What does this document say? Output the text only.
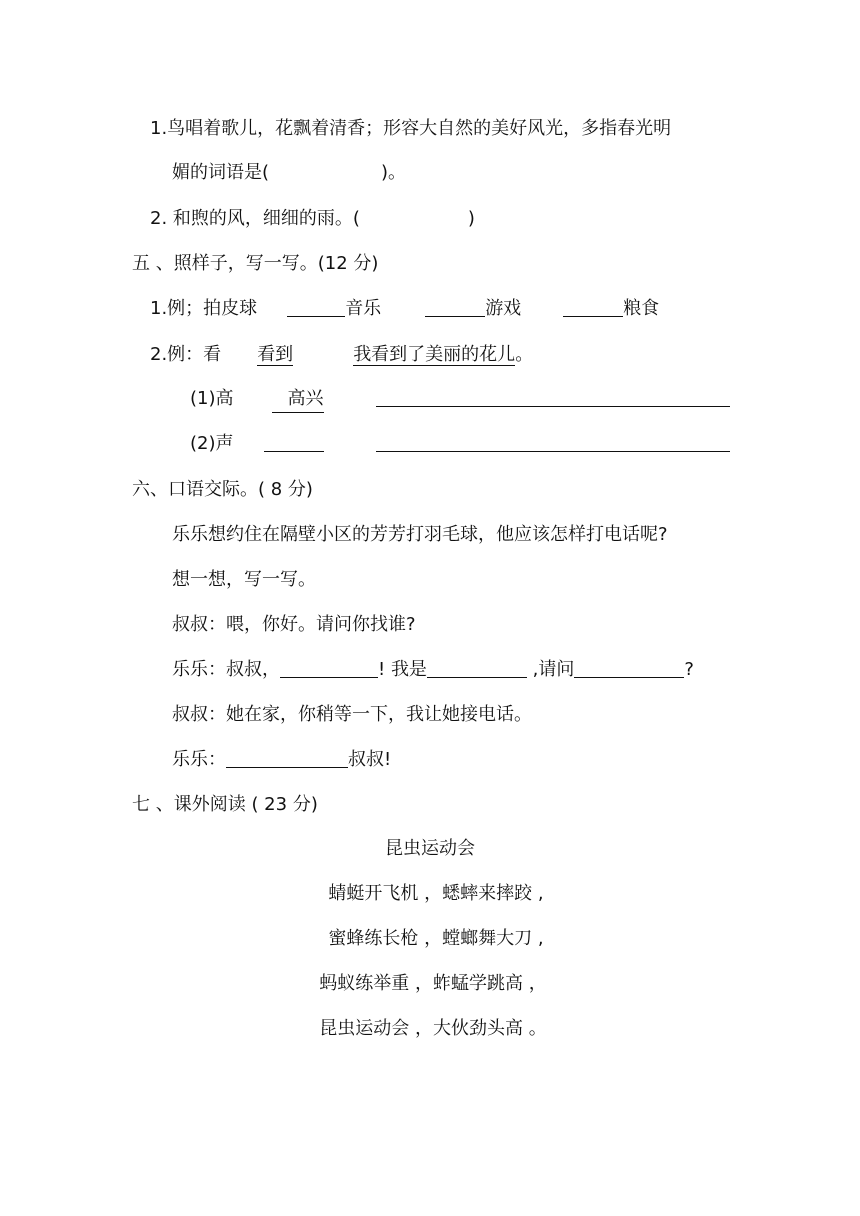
1.鸟唱着歌儿，花飘着清香；形容大自然的美好风光，多指春光明
媚的词语是(	)。
2. 和煦的风，细细的雨。(	)
五 、照样子，写一写。(12 分)
1.例；拍皮球	音乐	游戏	粮食
2.例：看 看到	我看到了美丽的花儿。
(1)高	高兴
(2)声
六、口语交际。( 8 分)
乐乐想约住在隔壁小区的芳芳打羽毛球，他应该怎样打电话呢?
想一想，写一写。
叔叔：喂，你好。请问你找谁?
乐乐：叔叔，	! 我是	,请问	?
叔叔：她在家，你稍等一下，我让她接电话。
乐乐：	叔叔!
七 、课外阅读 ( 23 分)
昆虫运动会
蜻蜓开飞机 ，蟋蟀来摔跤 ,
蜜蜂练长枪 ，螳螂舞大刀 ,
蚂蚁练举重 ，蚱蜢学跳高 ，
昆虫运动会 ，大伙劲头高 。
